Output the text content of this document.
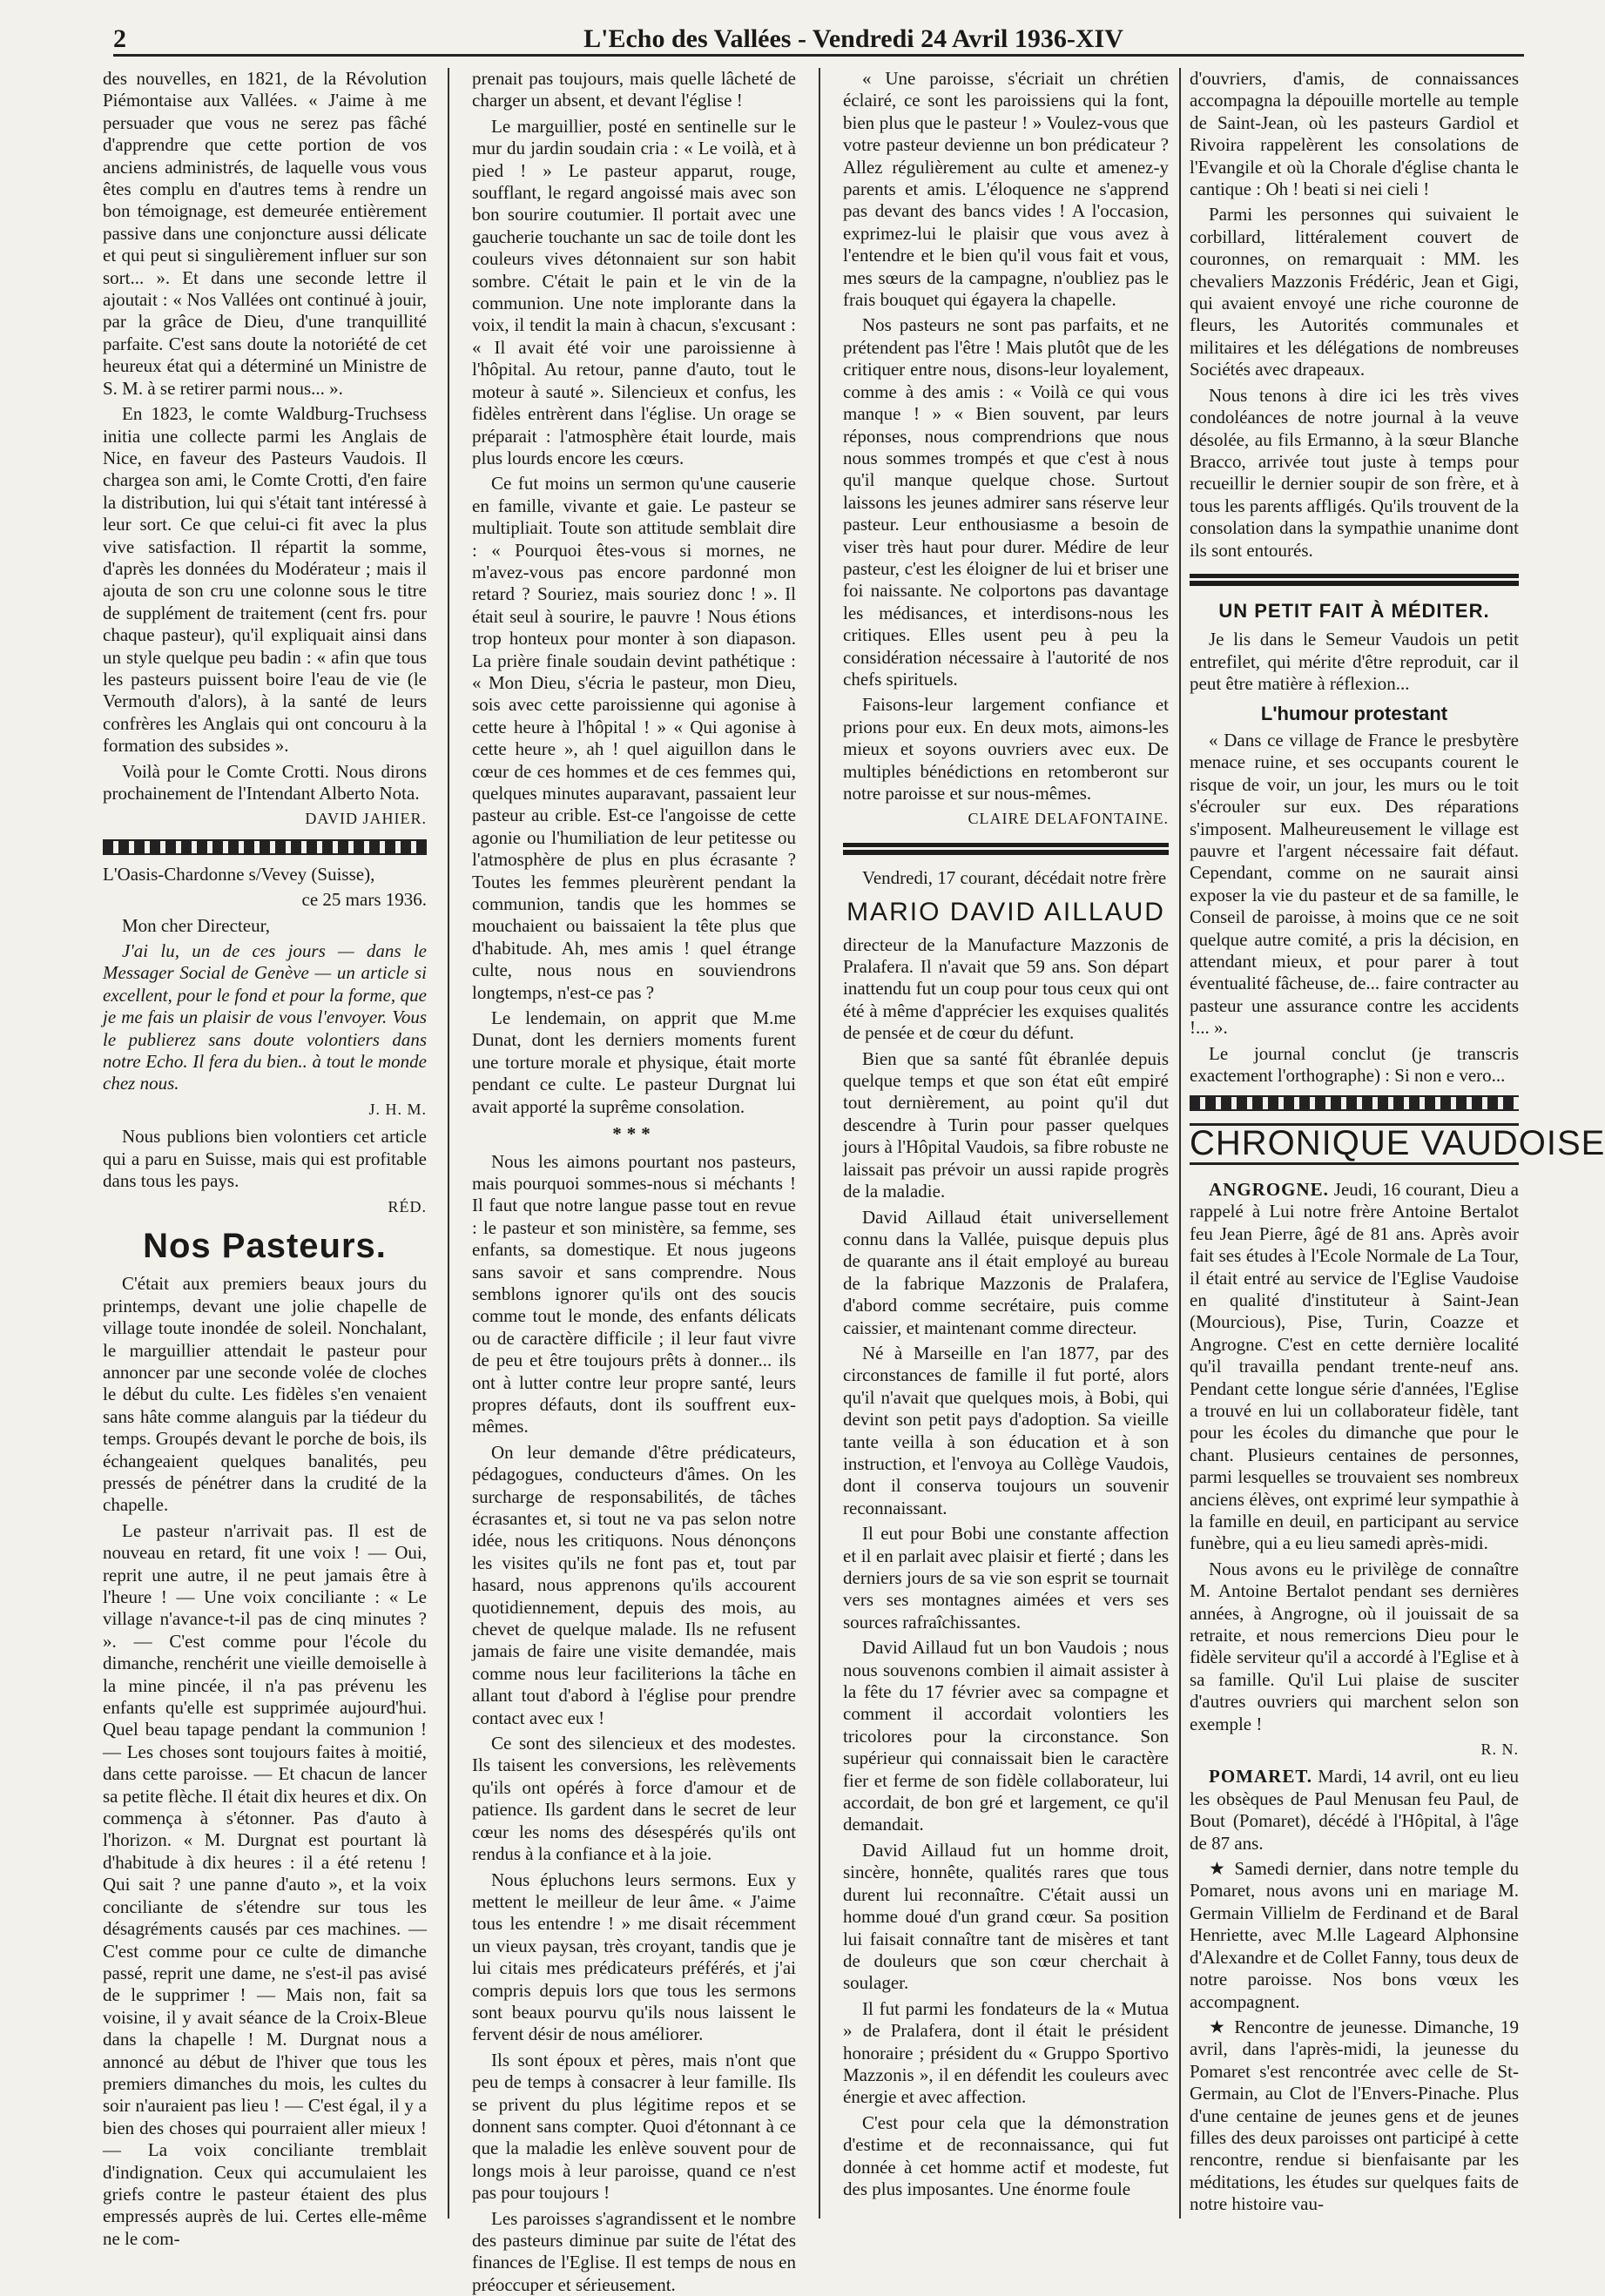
2	L'Echo des Vallées - Vendredi 24 Avril 1936-XIV

des nouvelles, en 1821, de la Révolution Piémontaise aux Vallées. « J'aime à me persuader que vous ne serez pas fâché d'apprendre que cette portion de vos anciens administrés, de laquelle vous vous êtes complu en d'autres tems à rendre un bon témoignage, est demeurée entièrement passive dans une conjoncture aussi délicate et qui peut si singulièrement influer sur son sort... ». Et dans une seconde lettre il ajoutait : « Nos Vallées ont continué à jouir, par la grâce de Dieu, d'une tranquillité parfaite. C'est sans doute la notoriété de cet heureux état qui a déterminé un Ministre de S. M. à se retirer parmi nous... ».

En 1823, le comte Waldburg-Truchsess initia une collecte parmi les Anglais de Nice, en faveur des Pasteurs Vaudois. Il chargea son ami, le Comte Crotti, d'en faire la distribution, lui qui s'était tant intéressé à leur sort. Ce que celui-ci fit avec la plus vive satisfaction. Il répartit la somme, d'après les données du Modérateur ; mais il ajouta de son cru une colonne sous le titre de supplément de traitement (cent frs. pour chaque pasteur), qu'il expliquait ainsi dans un style quelque peu badin : « afin que tous les pasteurs puissent boire l'eau de vie (le Vermouth d'alors), à la santé de leurs confrères les Anglais qui ont concouru à la formation des subsides ».

Voilà pour le Comte Crotti. Nous dirons prochainement de l'Intendant Alberto Nota.

DAVID JAHIER.

L'Oasis-Chardonne s/Vevey (Suisse),

ce 25 mars 1936.

Mon cher Directeur,

J'ai lu, un de ces jours — dans le Messager Social de Genève — un article si excellent, pour le fond et pour la forme, que je me fais un plaisir de vous l'envoyer. Vous le publierez sans doute volontiers dans notre Echo. Il fera du bien.. à tout le monde chez nous.

J. H. M.

Nous publions bien volontiers cet article qui a paru en Suisse, mais qui est profitable dans tous les pays.

RÉD.
Nos Pasteurs.

C'était aux premiers beaux jours du printemps, devant une jolie chapelle de village toute inondée de soleil. Nonchalant, le marguillier attendait le pasteur pour annoncer par une seconde volée de cloches le début du culte. Les fidèles s'en venaient sans hâte comme alanguis par la tiédeur du temps. Groupés devant le porche de bois, ils échangeaient quelques banalités, peu pressés de pénétrer dans la crudité de la chapelle.

Le pasteur n'arrivait pas. Il est de nouveau en retard, fit une voix ! — Oui, reprit une autre, il ne peut jamais être à l'heure ! — Une voix conciliante : « Le village n'avance-t-il pas de cinq minutes ? ». — C'est comme pour l'école du dimanche, renchérit une vieille demoiselle à la mine pincée, il n'a pas prévenu les enfants qu'elle est supprimée aujourd'hui. Quel beau tapage pendant la communion ! — Les choses sont toujours faites à moitié, dans cette paroisse. — Et chacun de lancer sa petite flèche. Il était dix heures et dix. On commença à s'étonner. Pas d'auto à l'horizon. « M. Durgnat est pourtant là d'habitude à dix heures : il a été retenu ! Qui sait ? une panne d'auto », et la voix conciliante de s'étendre sur tous les désagréments causés par ces machines. — C'est comme pour ce culte de dimanche passé, reprit une dame, ne s'est-il pas avisé de le supprimer ! — Mais non, fait sa voisine, il y avait séance de la Croix-Bleue dans la chapelle ! M. Durgnat nous a annoncé au début de l'hiver que tous les premiers dimanches du mois, les cultes du soir n'auraient pas lieu ! — C'est égal, il y a bien des choses qui pourraient aller mieux ! — La voix conciliante tremblait d'indignation. Ceux qui accumulaient les griefs contre le pasteur étaient des plus empressés auprès de lui. Certes elle-même ne le com-

prenait pas toujours, mais quelle lâcheté de charger un absent, et devant l'église !

Le marguillier, posté en sentinelle sur le mur du jardin soudain cria : « Le voilà, et à pied ! » Le pasteur apparut, rouge, soufflant, le regard angoissé mais avec son bon sourire coutumier. Il portait avec une gaucherie touchante un sac de toile dont les couleurs vives détonnaient sur son habit sombre. C'était le pain et le vin de la communion. Une note implorante dans la voix, il tendit la main à chacun, s'excusant : « Il avait été voir une paroissienne à l'hôpital. Au retour, panne d'auto, tout le moteur à sauté ». Silencieux et confus, les fidèles entrèrent dans l'église. Un orage se préparait : l'atmosphère était lourde, mais plus lourds encore les cœurs.

Ce fut moins un sermon qu'une causerie en famille, vivante et gaie. Le pasteur se multipliait. Toute son attitude semblait dire : « Pourquoi êtes-vous si mornes, ne m'avez-vous pas encore pardonné mon retard ? Souriez, mais souriez donc ! ». Il était seul à sourire, le pauvre ! Nous étions trop honteux pour monter à son diapason. La prière finale soudain devint pathétique : « Mon Dieu, s'écria le pasteur, mon Dieu, sois avec cette paroissienne qui agonise à cette heure à l'hôpital ! » « Qui agonise à cette heure », ah ! quel aiguillon dans le cœur de ces hommes et de ces femmes qui, quelques minutes auparavant, passaient leur pasteur au crible. Est-ce l'angoisse de cette agonie ou l'humiliation de leur petitesse ou l'atmosphère de plus en plus écrasante ? Toutes les femmes pleurèrent pendant la communion, tandis que les hommes se mouchaient ou baissaient la tête plus que d'habitude. Ah, mes amis ! quel étrange culte, nous nous en souviendrons longtemps, n'est-ce pas ?

Le lendemain, on apprit que M.me Dunat, dont les derniers moments furent une torture morale et physique, était morte pendant ce culte. Le pasteur Durgnat lui avait apporté la suprême consolation.

***

Nous les aimons pourtant nos pasteurs, mais pourquoi sommes-nous si méchants ! Il faut que notre langue passe tout en revue : le pasteur et son ministère, sa femme, ses enfants, sa domestique. Et nous jugeons sans savoir et sans comprendre. Nous semblons ignorer qu'ils ont des soucis comme tout le monde, des enfants délicats ou de caractère difficile ; il leur faut vivre de peu et être toujours prêts à donner... ils ont à lutter contre leur propre santé, leurs propres défauts, dont ils souffrent eux-mêmes.

On leur demande d'être prédicateurs, pédagogues, conducteurs d'âmes. On les surcharge de responsabilités, de tâches écrasantes et, si tout ne va pas selon notre idée, nous les critiquons. Nous dénonçons les visites qu'ils ne font pas et, tout par hasard, nous apprenons qu'ils accourent quotidiennement, depuis des mois, au chevet de quelque malade. Ils ne refusent jamais de faire une visite demandée, mais comme nous leur faciliterions la tâche en allant tout d'abord à l'église pour prendre contact avec eux !

Ce sont des silencieux et des modestes. Ils taisent les conversions, les relèvements qu'ils ont opérés à force d'amour et de patience. Ils gardent dans le secret de leur cœur les noms des désespérés qu'ils ont rendus à la confiance et à la joie.

Nous épluchons leurs sermons. Eux y mettent le meilleur de leur âme. « J'aime tous les entendre ! » me disait récemment un vieux paysan, très croyant, tandis que je lui citais mes prédicateurs préférés, et j'ai compris depuis lors que tous les sermons sont beaux pourvu qu'ils nous laissent le fervent désir de nous améliorer.

Ils sont époux et pères, mais n'ont que peu de temps à consacrer à leur famille. Ils se privent du plus légitime repos et se donnent sans compter. Quoi d'étonnant à ce que la maladie les enlève souvent pour de longs mois à leur paroisse, quand ce n'est pas pour toujours !

Les paroisses s'agrandissent et le nombre des pasteurs diminue par suite de l'état des finances de l'Eglise. Il est temps de nous en préoccuper et sérieusement.

« Une paroisse, s'écriait un chrétien éclairé, ce sont les paroissiens qui la font, bien plus que le pasteur ! » Voulez-vous que votre pasteur devienne un bon prédicateur ? Allez régulièrement au culte et amenez-y parents et amis. L'éloquence ne s'apprend pas devant des bancs vides ! A l'occasion, exprimez-lui le plaisir que vous avez à l'entendre et le bien qu'il vous fait et vous, mes sœurs de la campagne, n'oubliez pas le frais bouquet qui égayera la chapelle.

Nos pasteurs ne sont pas parfaits, et ne prétendent pas l'être ! Mais plutôt que de les critiquer entre nous, disons-leur loyalement, comme à des amis : « Voilà ce qui vous manque ! » « Bien souvent, par leurs réponses, nous comprendrions que nous nous sommes trompés et que c'est à nous qu'il manque quelque chose. Surtout laissons les jeunes admirer sans réserve leur pasteur. Leur enthousiasme a besoin de viser très haut pour durer. Médire de leur pasteur, c'est les éloigner de lui et briser une foi naissante. Ne colportons pas davantage les médisances, et interdisons-nous les critiques. Elles usent peu à peu la considération nécessaire à l'autorité de nos chefs spirituels.

Faisons-leur largement confiance et prions pour eux. En deux mots, aimons-les mieux et soyons ouvriers avec eux. De multiples bénédictions en retomberont sur notre paroisse et sur nous-mêmes.

CLAIRE DELAFONTAINE.

Vendredi, 17 courant, décédait notre frère

MARIO DAVID AILLAUD

directeur de la Manufacture Mazzonis de Pralafera. Il n'avait que 59 ans. Son départ inattendu fut un coup pour tous ceux qui ont été à même d'apprécier les exquises qualités de pensée et de cœur du défunt.

Bien que sa santé fût ébranlée depuis quelque temps et que son état eût empiré tout dernièrement, au point qu'il dut descendre à Turin pour passer quelques jours à l'Hôpital Vaudois, sa fibre robuste ne laissait pas prévoir un aussi rapide progrès de la maladie.

David Aillaud était universellement connu dans la Vallée, puisque depuis plus de quarante ans il était employé au bureau de la fabrique Mazzonis de Pralafera, d'abord comme secrétaire, puis comme caissier, et maintenant comme directeur.

Né à Marseille en l'an 1877, par des circonstances de famille il fut porté, alors qu'il n'avait que quelques mois, à Bobi, qui devint son petit pays d'adoption. Sa vieille tante veilla à son éducation et à son instruction, et l'envoya au Collège Vaudois, dont il conserva toujours un souvenir reconnaissant.

Il eut pour Bobi une constante affection et il en parlait avec plaisir et fierté ; dans les derniers jours de sa vie son esprit se tournait vers ses montagnes aimées et vers ses sources rafraîchissantes.

David Aillaud fut un bon Vaudois ; nous nous souvenons combien il aimait assister à la fête du 17 février avec sa compagne et comment il accordait volontiers les tricolores pour la circonstance. Son supérieur qui connaissait bien le caractère fier et ferme de son fidèle collaborateur, lui accordait, de bon gré et largement, ce qu'il demandait.

David Aillaud fut un homme droit, sincère, honnête, qualités rares que tous durent lui reconnaître. C'était aussi un homme doué d'un grand cœur. Sa position lui faisait connaître tant de misères et tant de douleurs que son cœur cherchait à soulager.

Il fut parmi les fondateurs de la « Mutua » de Pralafera, dont il était le président honoraire ; président du « Gruppo Sportivo Mazzonis », il en défendit les couleurs avec énergie et avec affection.

C'est pour cela que la démonstration d'estime et de reconnaissance, qui fut donnée à cet homme actif et modeste, fut des plus imposantes. Une énorme foule

d'ouvriers, d'amis, de connaissances accompagna la dépouille mortelle au temple de Saint-Jean, où les pasteurs Gardiol et Rivoira rappelèrent les consolations de l'Evangile et où la Chorale d'église chanta le cantique : Oh ! beati si nei cieli !

Parmi les personnes qui suivaient le corbillard, littéralement couvert de couronnes, on remarquait : MM. les chevaliers Mazzonis Frédéric, Jean et Gigi, qui avaient envoyé une riche couronne de fleurs, les Autorités communales et militaires et les délégations de nombreuses Sociétés avec drapeaux.

Nous tenons à dire ici les très vives condoléances de notre journal à la veuve désolée, au fils Ermanno, à la sœur Blanche Bracco, arrivée tout juste à temps pour recueillir le dernier soupir de son frère, et à tous les parents affligés. Qu'ils trouvent de la consolation dans la sympathie unanime dont ils sont entourés.

UN PETIT FAIT À MÉDITER.

Je lis dans le Semeur Vaudois un petit entrefilet, qui mérite d'être reproduit, car il peut être matière à réflexion...

L'humour protestant

« Dans ce village de France le presbytère menace ruine, et ses occupants courent le risque de voir, un jour, les murs ou le toit s'écrouler sur eux. Des réparations s'imposent. Malheureusement le village est pauvre et l'argent nécessaire fait défaut. Cependant, comme on ne saurait ainsi exposer la vie du pasteur et de sa famille, le Conseil de paroisse, à moins que ce ne soit quelque autre comité, a pris la décision, en attendant mieux, et pour parer à tout éventualité fâcheuse, de... faire contracter au pasteur une assurance contre les accidents !... ».

Le journal conclut (je transcris exactement l'orthographe) : Si non e vero...

CHRONIQUE VAUDOISE

ANGROGNE. Jeudi, 16 courant, Dieu a rappelé à Lui notre frère Antoine Bertalot feu Jean Pierre, âgé de 81 ans. Après avoir fait ses études à l'Ecole Normale de La Tour, il était entré au service de l'Eglise Vaudoise en qualité d'instituteur à Saint-Jean (Mourcious), Pise, Turin, Coazze et Angrogne. C'est en cette dernière localité qu'il travailla pendant trente-neuf ans. Pendant cette longue série d'années, l'Eglise a trouvé en lui un collaborateur fidèle, tant pour les écoles du dimanche que pour le chant. Plusieurs centaines de personnes, parmi lesquelles se trouvaient ses nombreux anciens élèves, ont exprimé leur sympathie à la famille en deuil, en participant au service funèbre, qui a eu lieu samedi après-midi.

Nous avons eu le privilège de connaître M. Antoine Bertalot pendant ses dernières années, à Angrogne, où il jouissait de sa retraite, et nous remercions Dieu pour le fidèle serviteur qu'il a accordé à l'Eglise et à sa famille. Qu'il Lui plaise de susciter d'autres ouvriers qui marchent selon son exemple !

R. N.

POMARET. Mardi, 14 avril, ont eu lieu les obsèques de Paul Menusan feu Paul, de Bout (Pomaret), décédé à l'Hôpital, à l'âge de 87 ans.

★ Samedi dernier, dans notre temple du Pomaret, nous avons uni en mariage M. Germain Villielm de Ferdinand et de Baral Henriette, avec M.lle Lageard Alphonsine d'Alexandre et de Collet Fanny, tous deux de notre paroisse. Nos bons vœux les accompagnent.

★ Rencontre de jeunesse. Dimanche, 19 avril, dans l'après-midi, la jeunesse du Pomaret s'est rencontrée avec celle de St-Germain, au Clot de l'Envers-Pinache. Plus d'une centaine de jeunes gens et de jeunes filles des deux paroisses ont participé à cette rencontre, rendue si bienfaisante par les méditations, les études sur quelques faits de notre histoire vau-
